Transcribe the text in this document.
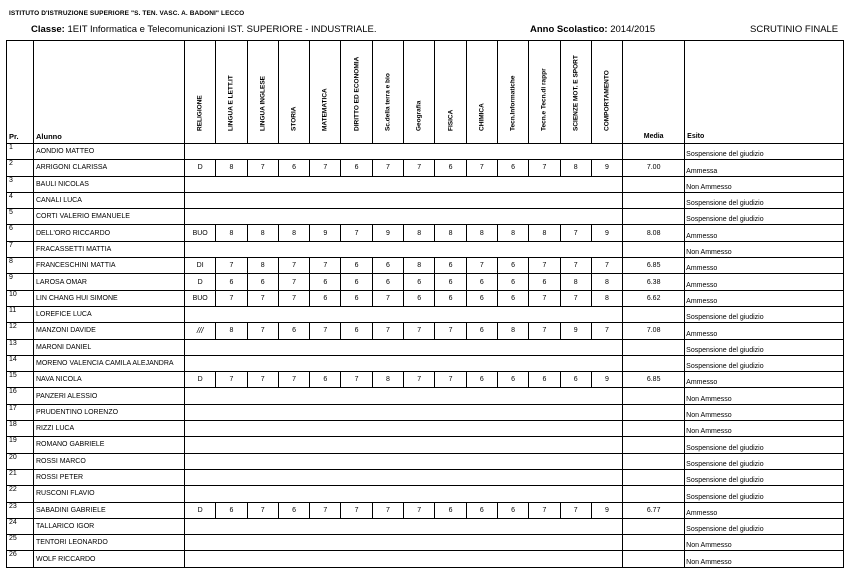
ISTITUTO D'ISTRUZIONE SUPERIORE "S. TEN. VASC. A. BADONI" LECCO
Classe: 1EIT Informatica e Telecomunicazioni IST. SUPERIORE - INDUSTRIALE.	Anno Scolastico: 2014/2015	SCRUTINIO FINALE
Pr.	Alunno	RELIGIONE	LINGUA E LETT.IT	LINGUA INGLESE	STORIA	MATEMATICA	DIRITTO ED ECONOMIA	Sc.della terra e bio	Geografia	FISICA	CHIMICA	Tecn.Informatiche	Tecn.e Tecn.di rappr	SCIENZE MOT. E SPORT	COMPORTAMENTO	Media	Esito
1	AONDIO MATTEO																Sospensione del giudizio
2	ARRIGONI CLARISSA	D	8	7	6	7	6	7	7	6	7	6	7	8	9	7.00	Ammessa
3	BAULI NICOLAS																Non Ammesso
4	CANALI LUCA																Sospensione del giudizio
5	CORTI VALERIO EMANUELE																Sospensione del giudizio
6	DELL'ORO RICCARDO	BUO	8	8	8	9	7	9	8	8	8	8	8	7	9	8.08	Ammesso
7	FRACASSETTI MATTIA																Non Ammesso
8	FRANCESCHINI MATTIA	DI	7	8	7	7	6	6	8	6	7	6	7	7	7	6.85	Ammesso
9	LAROSA OMAR	D	6	6	7	6	6	6	6	6	6	6	6	8	8	6.38	Ammesso
10	LIN CHANG HUI SIMONE	BUO	7	7	7	6	6	7	6	6	6	6	7	7	8	6.62	Ammesso
11	LOREFICE LUCA																Sospensione del giudizio
12	MANZONI DAVIDE	///	8	7	6	7	6	7	7	7	6	8	7	9	7	7.08	Ammesso
13	MARONI DANIEL																Sospensione del giudizio
14	MORENO VALENCIA CAMILA ALEJANDRA																Sospensione del giudizio
15	NAVA NICOLA	D	7	7	7	6	7	8	7	7	6	6	6	6	9	6.85	Ammesso
16	PANZERI ALESSIO																Non Ammesso
17	PRUDENTINO LORENZO																Non Ammesso
18	RIZZI LUCA																Non Ammesso
19	ROMANO GABRIELE																Sospensione del giudizio
20	ROSSI MARCO																Sospensione del giudizio
21	ROSSI PETER																Sospensione del giudizio
22	RUSCONI FLAVIO																Sospensione del giudizio
23	SABADINI GABRIELE	D	6	7	6	7	7	7	7	6	6	6	7	7	9	6.77	Ammesso
24	TALLARICO IGOR																Sospensione del giudizio
25	TENTORI LEONARDO																Non Ammesso
26	WOLF RICCARDO																Non Ammesso
